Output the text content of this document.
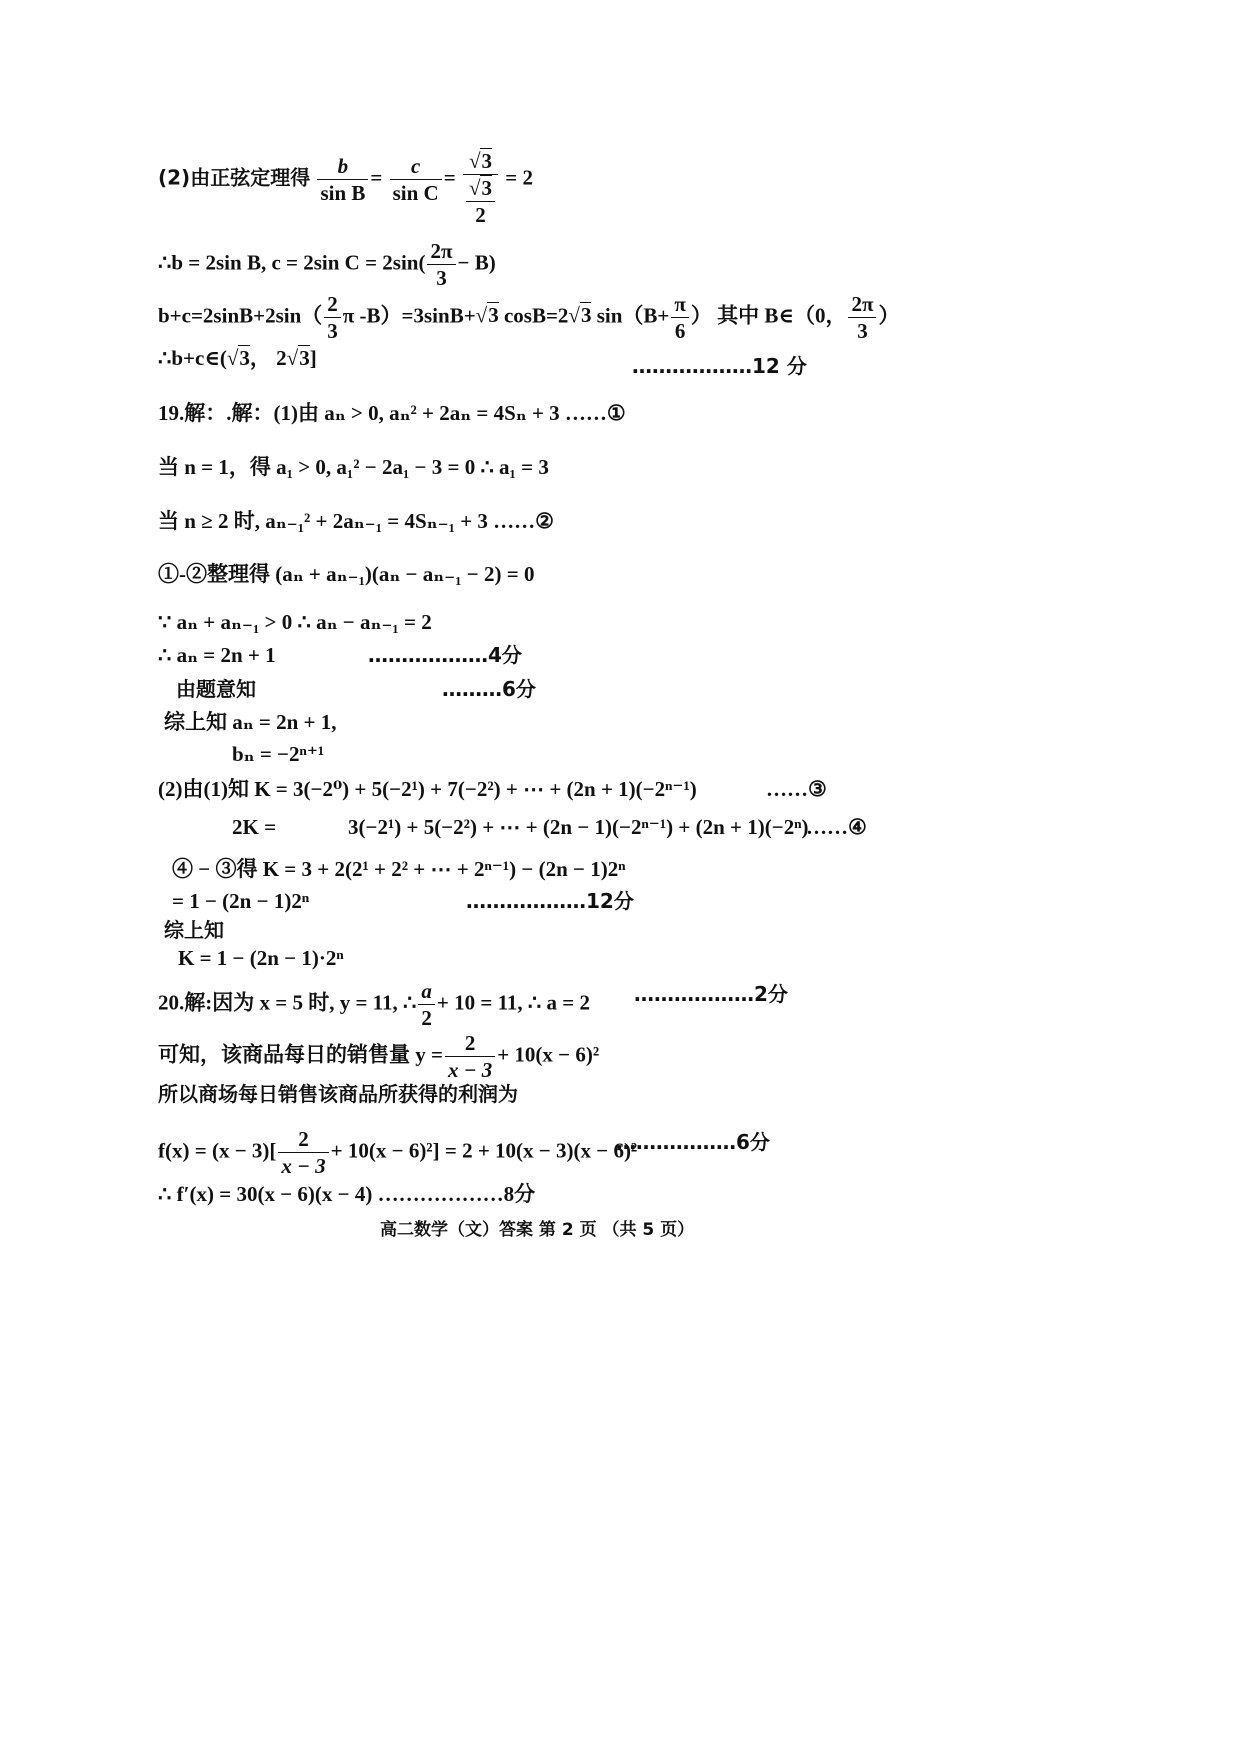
(2)由正弦定理得 $\frac{b}{\text{sin B}} = \frac{c}{\text{sin C}} = \frac{√3}{\frac{√3}{2}} = 2$
∴b = 2sin B, c = 2sin $C = 2\sin( \frac{2\pi}{3} - B)$
$b+c=2\sin B+2\sin( \frac{2}{3}$ π -B）=3sinB+√3 cosB=2√3 $\sin(B+ \frac{\pi}{6}$ ） 其中 B∈（0， $\frac{2\pi}{3}$ ）
∴b+c∈(√3， 2√3]	………………12 分
19.解：.解：(1)由 aₙ > 0, aₙ² + 2aₙ = 4Sₙ + 3 ……①
当 n = 1，得 a₁ > 0, a₁² − 2a₁ − 3 = 0 ∴ a₁ = 3
当 n ≥ 2 时, aₙ₋₁² + 2aₙ₋₁ = 4Sₙ₋₁ + 3 ……②
①-②整理得 (aₙ + aₙ₋₁)(aₙ − aₙ₋₁ − 2) = 0
∵ aₙ + aₙ₋₁ > 0 ∴ aₙ − aₙ₋₁ = 2
∴ aₙ = 2n + 1	………………4分
由题意知	………6分
综上知 aₙ = 2n + 1,
bₙ = −2ⁿ⁺¹
(2)由(1)知 K = 3(−2⁰) + 5(−2¹) + 7(−2²) + ⋯ + (2n + 1)(−2ⁿ⁻¹)	……③
2K =	3(−2¹) + 5(−2²) + ⋯ + (2n − 1)(−2ⁿ⁻¹) + (2n + 1)(−2ⁿ)
……④
④ − ③得 K = 3 + 2(2¹ + 2² + ⋯ + 2ⁿ⁻¹) − (2n − 1)2ⁿ
= 1 − (2n − 1)2ⁿ	………………12分
综上知
K = 1 − (2n − 1)·2ⁿ
20.解:因为 x = 5 时, y = 11, ∴ $\frac{a}{2} + 10 = 11$, ∴ a = 2 ………………2分
可知，该商品每日的销售量 $y = \frac{2}{x - 3} + 10(x - 6)^2$
所以商场每日销售该商品所获得的利润为
$f(x) = (x - 3)[ \frac{2}{x - 3} + 10(x - 6)^2] = 2 + 10(x - 3)(x - 6)^2$
………………6分
∴ f′(x) = 30(x − 6)(x − 4) ………………8分
高二数学（文）答案 第 2 页 （共 5 页）
